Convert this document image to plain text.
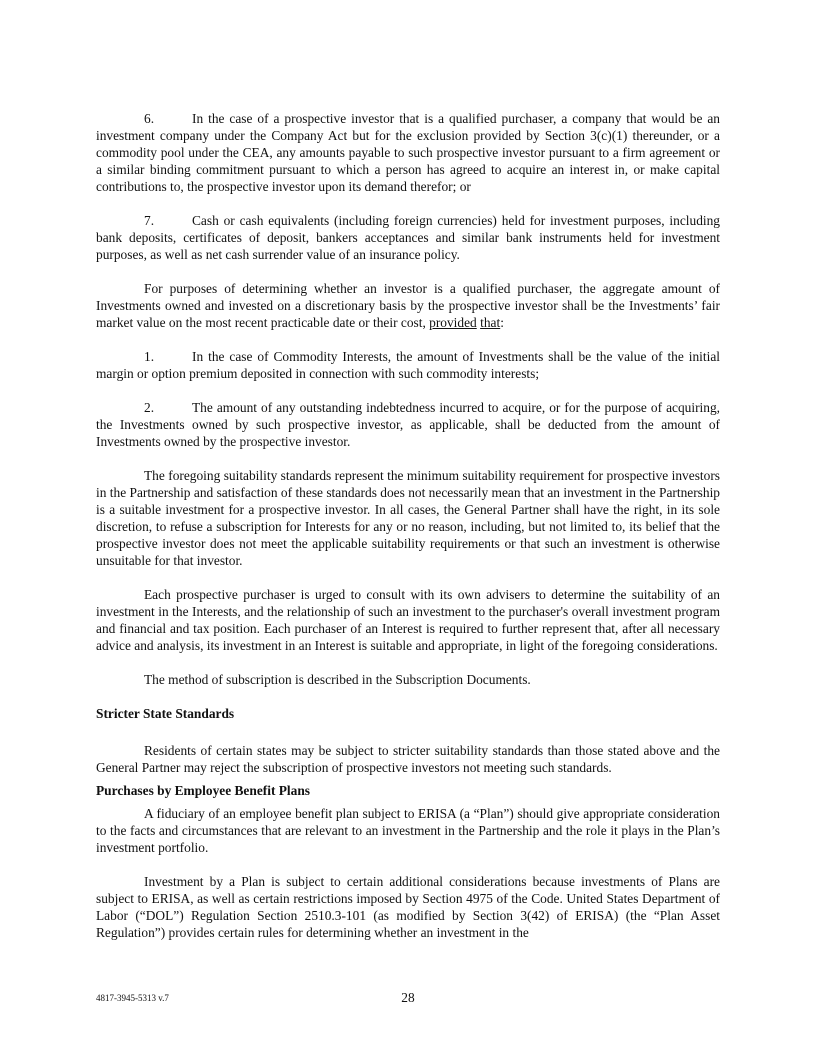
6.	In the case of a prospective investor that is a qualified purchaser, a company that would be an investment company under the Company Act but for the exclusion provided by Section 3(c)(1) thereunder, or a commodity pool under the CEA, any amounts payable to such prospective investor pursuant to a firm agreement or a similar binding commitment pursuant to which a person has agreed to acquire an interest in, or make capital contributions to, the prospective investor upon its demand therefor; or

7.	Cash or cash equivalents (including foreign currencies) held for investment purposes, including bank deposits, certificates of deposit, bankers acceptances and similar bank instruments held for investment purposes, as well as net cash surrender value of an insurance policy.

For purposes of determining whether an investor is a qualified purchaser, the aggregate amount of Investments owned and invested on a discretionary basis by the prospective investor shall be the Investments’ fair market value on the most recent practicable date or their cost, provided that:

1.	In the case of Commodity Interests, the amount of Investments shall be the value of the initial margin or option premium deposited in connection with such commodity interests;

2.	The amount of any outstanding indebtedness incurred to acquire, or for the purpose of acquiring, the Investments owned by such prospective investor, as applicable, shall be deducted from the amount of Investments owned by the prospective investor.

The foregoing suitability standards represent the minimum suitability requirement for prospective investors in the Partnership and satisfaction of these standards does not necessarily mean that an investment in the Partnership is a suitable investment for a prospective investor. In all cases, the General Partner shall have the right, in its sole discretion, to refuse a subscription for Interests for any or no reason, including, but not limited to, its belief that the prospective investor does not meet the applicable suitability requirements or that such an investment is otherwise unsuitable for that investor.

Each prospective purchaser is urged to consult with its own advisers to determine the suitability of an investment in the Interests, and the relationship of such an investment to the purchaser's overall investment program and financial and tax position. Each purchaser of an Interest is required to further represent that, after all necessary advice and analysis, its investment in an Interest is suitable and appropriate, in light of the foregoing considerations.

The method of subscription is described in the Subscription Documents.

Stricter State Standards

Residents of certain states may be subject to stricter suitability standards than those stated above and the General Partner may reject the subscription of prospective investors not meeting such standards.

Purchases by Employee Benefit Plans

A fiduciary of an employee benefit plan subject to ERISA (a “Plan”) should give appropriate consideration to the facts and circumstances that are relevant to an investment in the Partnership and the role it plays in the Plan’s investment portfolio.

Investment by a Plan is subject to certain additional considerations because investments of Plans are subject to ERISA, as well as certain restrictions imposed by Section 4975 of the Code. United States Department of Labor (“DOL”) Regulation Section 2510.3-101 (as modified by Section 3(42) of ERISA) (the “Plan Asset Regulation”) provides certain rules for determining whether an investment in the

4817-3945-5313 v.7	28
